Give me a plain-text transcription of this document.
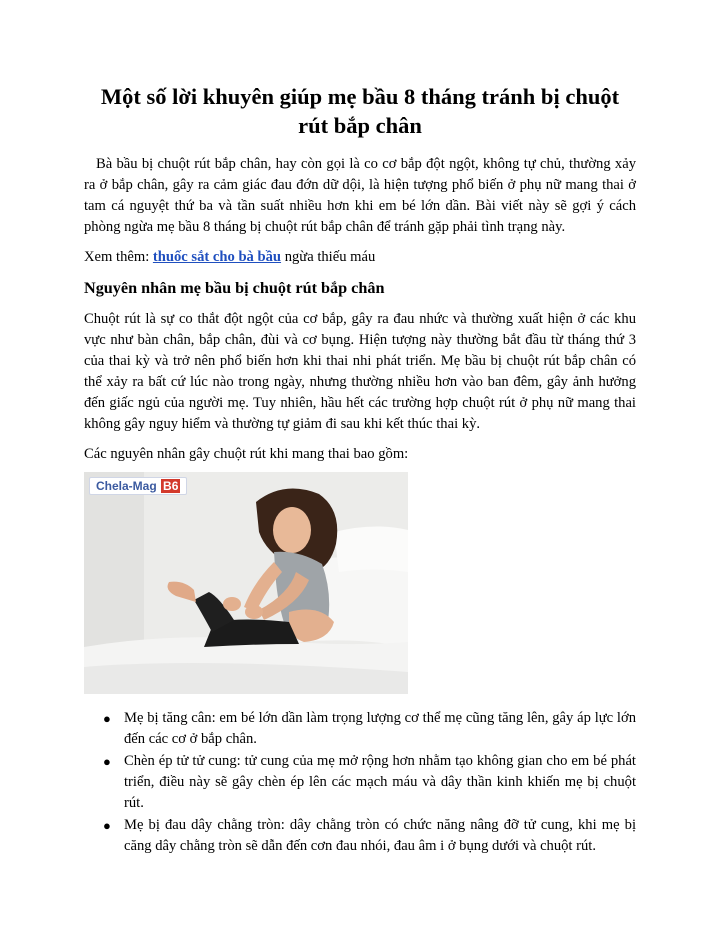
Một số lời khuyên giúp mẹ bầu 8 tháng tránh bị chuột rút bắp chân

Bà bầu bị chuột rút bắp chân, hay còn gọi là co cơ bắp đột ngột, không tự chủ, thường xảy ra ở bắp chân, gây ra cảm giác đau đớn dữ dội, là hiện tượng phổ biến ở phụ nữ mang thai ở tam cá nguyệt thứ ba và tần suất nhiều hơn khi em bé lớn dần. Bài viết này sẽ gợi ý cách phòng ngừa mẹ bầu 8 tháng bị chuột rút bắp chân để tránh gặp phải tình trạng này.

Xem thêm: thuốc sắt cho bà bầu ngừa thiếu máu

Nguyên nhân mẹ bầu bị chuột rút bắp chân

Chuột rút là sự co thắt đột ngột của cơ bắp, gây ra đau nhức và thường xuất hiện ở các khu vực như bàn chân, bắp chân, đùi và cơ bụng. Hiện tượng này thường bắt đầu từ tháng thứ 3 của thai kỳ và trở nên phổ biến hơn khi thai nhi phát triển. Mẹ bầu bị chuột rút bắp chân có thể xảy ra bất cứ lúc nào trong ngày, nhưng thường nhiều hơn vào ban đêm, gây ảnh hưởng đến giấc ngủ của người mẹ. Tuy nhiên, hầu hết các trường hợp chuột rút ở phụ nữ mang thai không gây nguy hiểm và thường tự giảm đi sau khi kết thúc thai kỳ.

Các nguyên nhân gây chuột rút khi mang thai bao gồm:

Chela-Mag B6
● Mẹ bị tăng cân: em bé lớn dần làm trọng lượng cơ thể mẹ cũng tăng lên, gây áp lực lớn đến các cơ ở bắp chân.
● Chèn ép tử tử cung: tử cung của mẹ mở rộng hơn nhằm tạo không gian cho em bé phát triển, điều này sẽ gây chèn ép lên các mạch máu và dây thần kinh khiến mẹ bị chuột rút.
● Mẹ bị đau dây chằng tròn: dây chằng tròn có chức năng nâng đỡ tử cung, khi mẹ bị căng dây chằng tròn sẽ dẫn đến cơn đau nhói, đau âm i ở bụng dưới và chuột rút.
